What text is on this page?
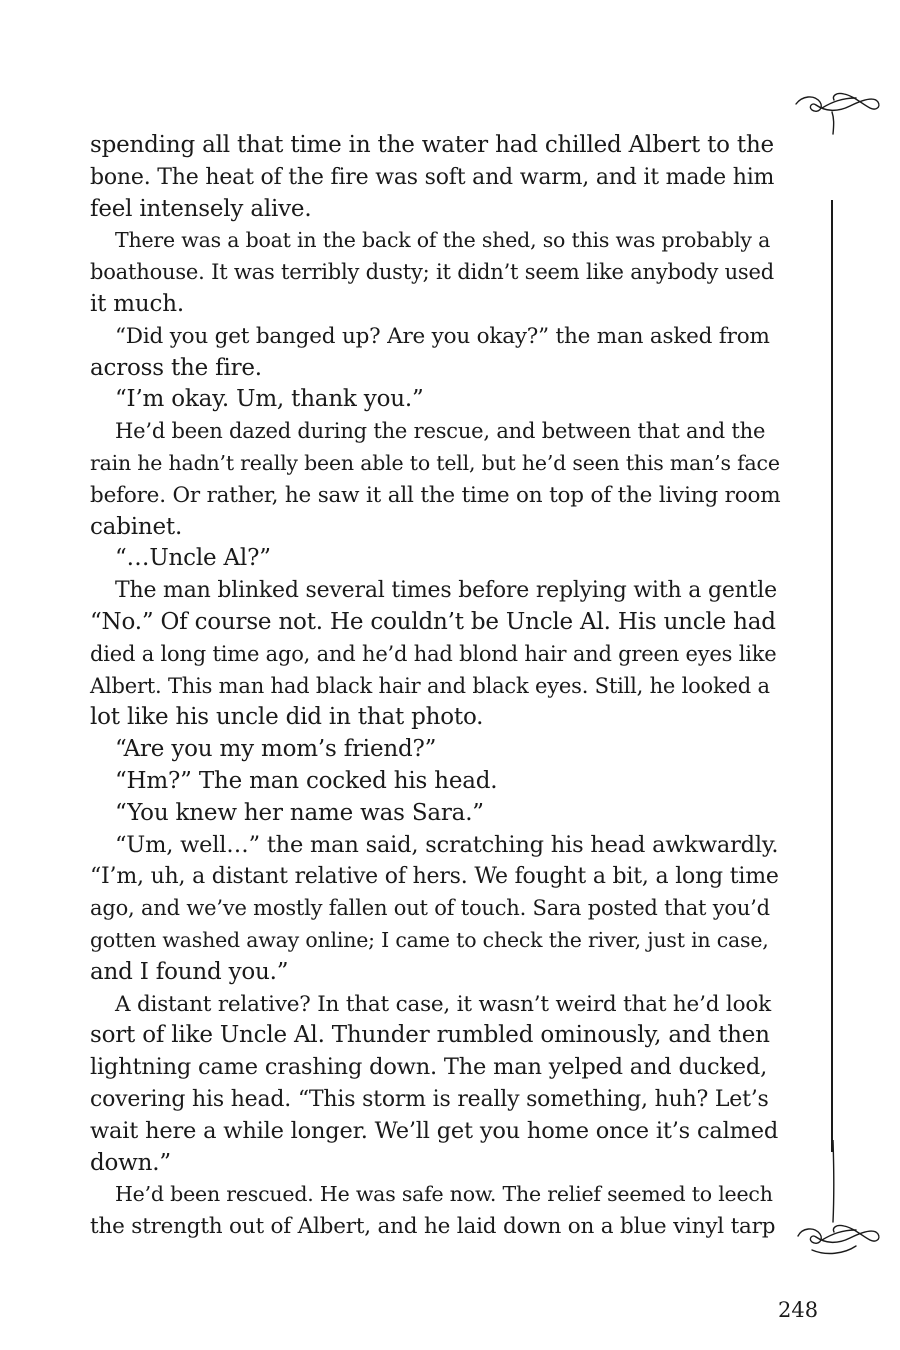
spending all that time in the water had chilled Albert to the
bone. The heat of the fire was soft and warm, and it made him
feel intensely alive.
There was a boat in the back of the shed, so this was probably a
boathouse. It was terribly dusty; it didn’t seem like anybody used
it much.
“Did you get banged up? Are you okay?” the man asked from
across the fire.
“I’m okay. Um, thank you.”
He’d been dazed during the rescue, and between that and the
rain he hadn’t really been able to tell, but he’d seen this man’s face
before. Or rather, he saw it all the time on top of the living room
cabinet.
“…Uncle Al?”
The man blinked several times before replying with a gentle
“No.” Of course not. He couldn’t be Uncle Al. His uncle had
died a long time ago, and he’d had blond hair and green eyes like
Albert. This man had black hair and black eyes. Still, he looked a
lot like his uncle did in that photo.
“Are you my mom’s friend?”
“Hm?” The man cocked his head.
“You knew her name was Sara.”
“Um, well…” the man said, scratching his head awkwardly.
“I’m, uh, a distant relative of hers. We fought a bit, a long time
ago, and we’ve mostly fallen out of touch. Sara posted that you’d
gotten washed away online; I came to check the river, just in case,
and I found you.”
A distant relative? In that case, it wasn’t weird that he’d look
sort of like Uncle Al. Thunder rumbled ominously, and then
lightning came crashing down. The man yelped and ducked,
covering his head. “This storm is really something, huh? Let’s
wait here a while longer. We’ll get you home once it’s calmed
down.”
He’d been rescued. He was safe now. The relief seemed to leech
the strength out of Albert, and he laid down on a blue vinyl tarp
248
